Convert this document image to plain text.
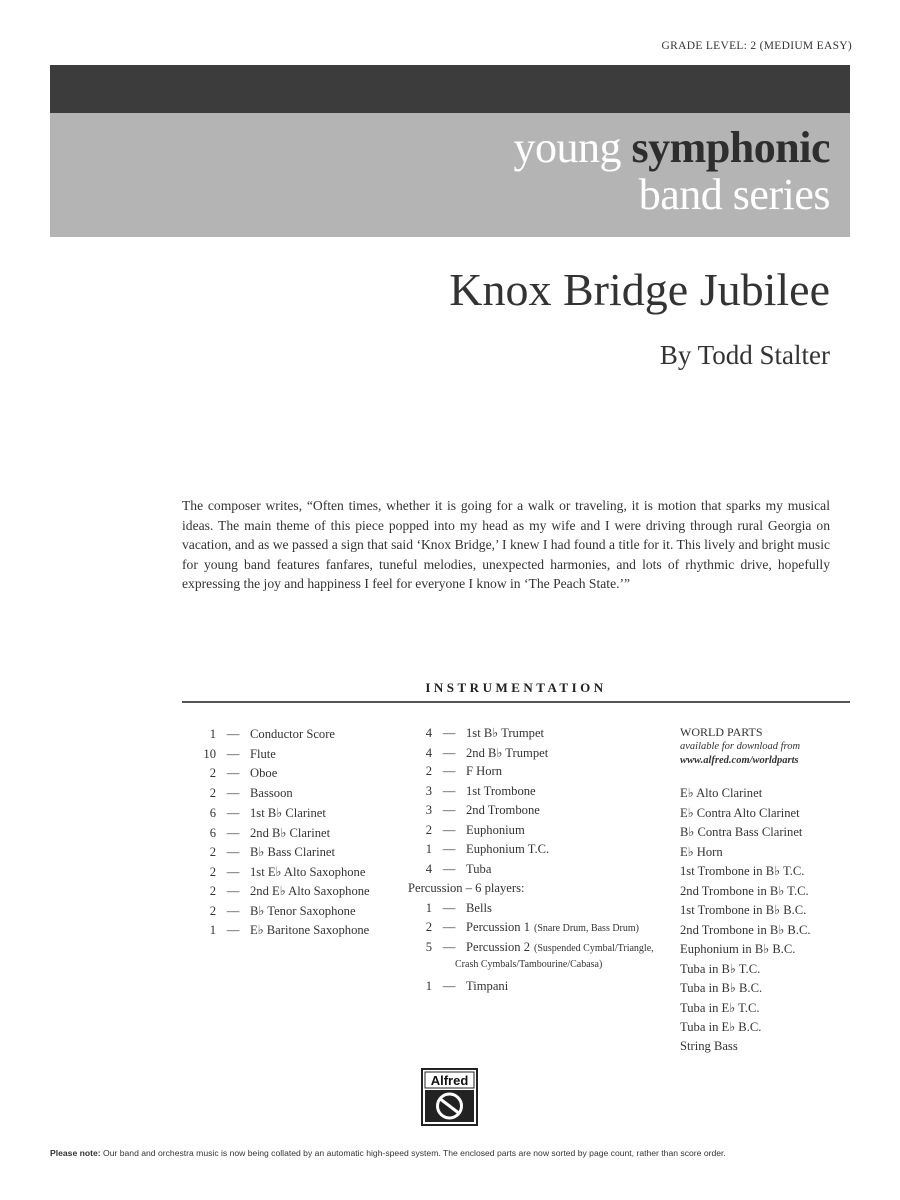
GRADE LEVEL: 2 (MEDIUM EASY)
young symphonic
band series
Knox Bridge Jubilee
By Todd Stalter
The composer writes, “Often times, whether it is going for a walk or traveling, it is motion that sparks my musical ideas. The main theme of this piece popped into my head as my wife and I were driving through rural Georgia on vacation, and as we passed a sign that said ‘Knox Bridge,’ I knew I had found a title for it. This lively and bright music for young band features fanfares, tuneful melodies, unexpected harmonies, and lots of rhythmic drive, hopefully expressing the joy and happiness I feel for everyone I know in ‘The Peach State.’”
INSTRUMENTATION
1 — Conductor Score
10 — Flute
2 — Oboe
2 — Bassoon
6 — 1st B♭ Clarinet
6 — 2nd B♭ Clarinet
2 — B♭ Bass Clarinet
2 — 1st E♭ Alto Saxophone
2 — 2nd E♭ Alto Saxophone
2 — B♭ Tenor Saxophone
1 — E♭ Baritone Saxophone
4 — 1st B♭ Trumpet
4 — 2nd B♭ Trumpet
2 — F Horn
3 — 1st Trombone
3 — 2nd Trombone
2 — Euphonium
1 — Euphonium T.C.
4 — Tuba
Percussion – 6 players:
1 — Bells
2 — Percussion 1 (Snare Drum, Bass Drum)
5 — Percussion 2 (Suspended Cymbal/Triangle,
Crash Cymbals/Tambourine/Cabasa)
1 — Timpani
WORLD PARTS
available for download from
www.alfred.com/worldparts
E♭ Alto Clarinet
E♭ Contra Alto Clarinet
B♭ Contra Bass Clarinet
E♭ Horn
1st Trombone in B♭ T.C.
2nd Trombone in B♭ T.C.
1st Trombone in B♭ B.C.
2nd Trombone in B♭ B.C.
Euphonium in B♭ B.C.
Tuba in B♭ T.C.
Tuba in B♭ B.C.
Tuba in E♭ T.C.
Tuba in E♭ B.C.
String Bass
Alfred
Please note: Our band and orchestra music is now being collated by an automatic high-speed system. The enclosed parts are now sorted by page count, rather than score order.
